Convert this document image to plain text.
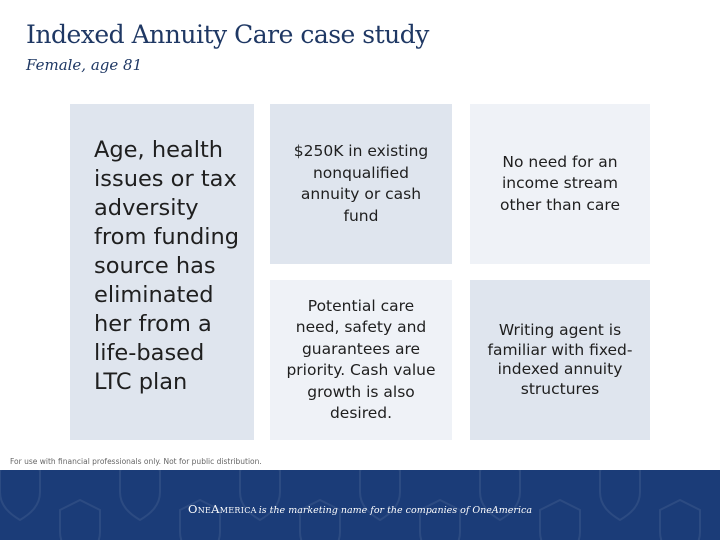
Indexed Annuity Care case study
Female, age 81
Age, health issues or tax adversity from funding source has eliminated her from a life-based LTC plan
$250K in existing nonqualified annuity or cash fund
No need for an income stream other than care
Potential care need, safety and guarantees are priority. Cash value growth is also desired.
Writing agent is familiar with fixed-indexed annuity structures
For use with financial professionals only. Not for public distribution.
OneAmerica is the marketing name for the companies of OneAmerica
